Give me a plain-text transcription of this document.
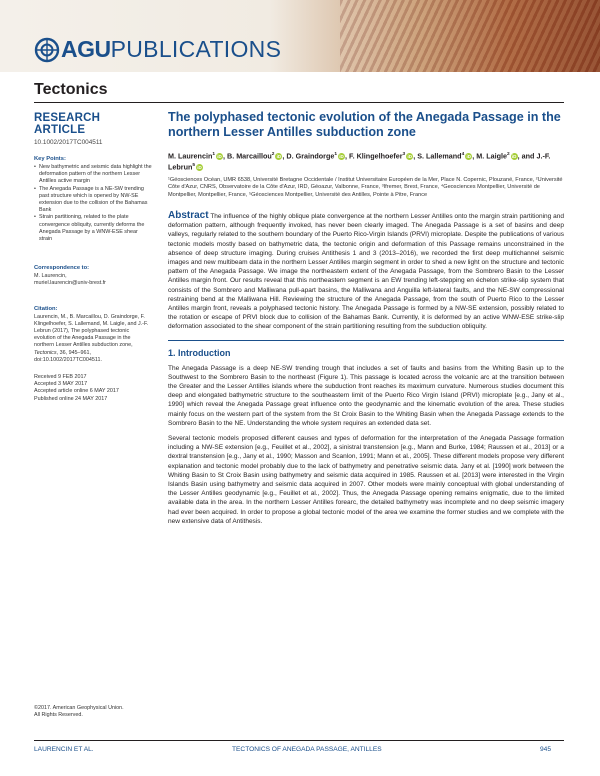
AGU PUBLICATIONS
Tectonics
RESEARCH ARTICLE
10.1002/2017TC004511
Key Points:
• New bathymetric and seismic data highlight the deformation pattern of the northern Lesser Antilles active margin
• The Anegada Passage is a NE-SW trending past structure which is opened by NW-SE extension due to the collision of the Bahamas Bank
• Strain partitioning, related to the plate convergence obliquity, currently deforms the Anegada Passage by a WNW-ESE shear strain
Correspondence to:
M. Laurencin,
muriel.laurencin@univ-brest.fr
Citation:
Laurencin, M., B. Marcaillou, D. Graindorge, F. Klingelhoefer, S. Lallemand, M. Laigle, and J.-F. Lebrun (2017), The polyphased tectonic evolution of the Anegada Passage in the northern Lesser Antilles subduction zone, Tectonics, 36, 945–961, doi:10.1002/2017TC004511.
Received 9 FEB 2017
Accepted 3 MAY 2017
Accepted article online 6 MAY 2017
Published online 24 MAY 2017
©2017. American Geophysical Union.
All Rights Reserved.
The polyphased tectonic evolution of the Anegada Passage in the northern Lesser Antilles subduction zone
M. Laurencin$^1$ iD, B. Marcaillou$^2$ iD, D. Graindorge$^1$ iD, F. Klingelhoefer$^3$ iD, S. Lallemand$^4$ iD, M. Laigle$^2$ iD, and J.-F. Lebrun$^5$ iD
¹Géosciences Océan, UMR 6538, Université Bretagne Occidentale / Institut Universitaire Européen de la Mer, Place N. Copernic, Plouzané, France, ²Université Côte d'Azur, CNRS, Observatoire de la Côte d'Azur, IRD, Géoazur, Valbonne, France, ³Ifremer, Brest, France, ⁴Geosciences Montpellier, Université de Montpellier, Montpellier, France, ⁵Géosciences Montpellier, Université des Antilles, Pointe à Pitre, France
Abstract The influence of the highly oblique plate convergence at the northern Lesser Antilles onto the margin strain partitioning and deformation pattern, although frequently invoked, has never been clearly imaged. The Anegada Passage is a set of basins and deep valleys, regularly related to the southern boundary of the Puerto Rico-Virgin Islands (PRVI) microplate. Despite the publications of various tectonic models mostly based on bathymetric data, the tectonic origin and deformation of this Passage remains unconstrained in the absence of deep structure imaging. During cruises Antithesis 1 and 3 (2013–2016), we recorded the first deep multichannel seismic images and new multibeam data in the northern Lesser Antilles margin segment in order to shed a new light on the structure and tectonic pattern of the Anegada Passage. We image the northeastern extent of the Anegada Passage, from the Sombrero Basin to the Lesser Antilles margin front. Our results reveal that this northeastern segment is an EW trending left-stepping en échelon strike-slip system that consists of the Sombrero and Malliwana pull-apart basins, the Malliwana and Anguilla left-lateral faults, and the NE-SW compressional restraining bend at the Malliwana Hill. Reviewing the structure of the Anegada Passage, from the south of Puerto Rico to the Lesser Antilles margin front, reveals a polyphased tectonic history. The Anegada Passage is formed by a NW-SE extension, possibly related to the rotation or escape of PRVI block due to collision of the Bahamas Bank. Currently, it is deformed by an active WNW-ESE strike-slip deformation associated to the shear component of the strain partitioning resulting from the subduction obliquity.
1. Introduction
The Anegada Passage is a deep NE-SW trending trough that includes a set of faults and basins from the Whiting Basin up to the Southwest to the Sombrero Basin to the northeast (Figure 1). This passage is located across the volcanic arc at the transition between the Greater and the Lesser Antilles islands where the subduction front reaches its maximum curvature. Numerous studies document this deep and elongated bathymetric structure to the southeastern limit of the Puerto Rico Virgin Island (PRVI) microplate [e.g., Jany et al., 1990] which reveal the Anegada Passage great influence onto the geodynamic and the kinematic evolution of the area. These studies mainly focus on the western part of the system from the St Croix Basin to the Whiting Basin when the Anegada Passage extends to the Sombrero Basin to the NE. Understanding the whole system requires an extended data set.
Several tectonic models proposed different causes and types of deformation for the interpretation of the Anegada Passage formation including a NW-SE extension [e.g., Feuillet et al., 2002], a sinistral transtension [e.g., Mann and Burke, 1984; Raussen et al., 2013] or a dextral transtension [e.g., Jany et al., 1990; Masson and Scanlon, 1991; Mann et al., 2005]. These different models propose very different explanation and tectonic model probably due to the lack of bathymetry and penetrative seismic data. Jany et al. [1990] work between the Whiting Basin to St Croix Basin using bathymetry and seismic data acquired in 1985. Raussen et al. [2013] were interested in the Virgin Islands Basin using bathymetry and seismic data acquired in 2007. Other models were mainly conceptual with global understanding of the Lesser Antilles geodynamic [e.g., Feuillet et al., 2002]. Thus, the Anegada Passage opening remains enigmatic, due to the limited available data in the area. In the northern Lesser Antilles forearc, the detailed bathymetry was incomplete and no deep seismic imagery had ever been acquired. In order to propose a global tectonic model of the area we examine the former studies and we complete with the new extensive data of Antithesis.
LAURENCIN ET AL.	TECTONICS OF ANEGADA PASSAGE, ANTILLES	945
